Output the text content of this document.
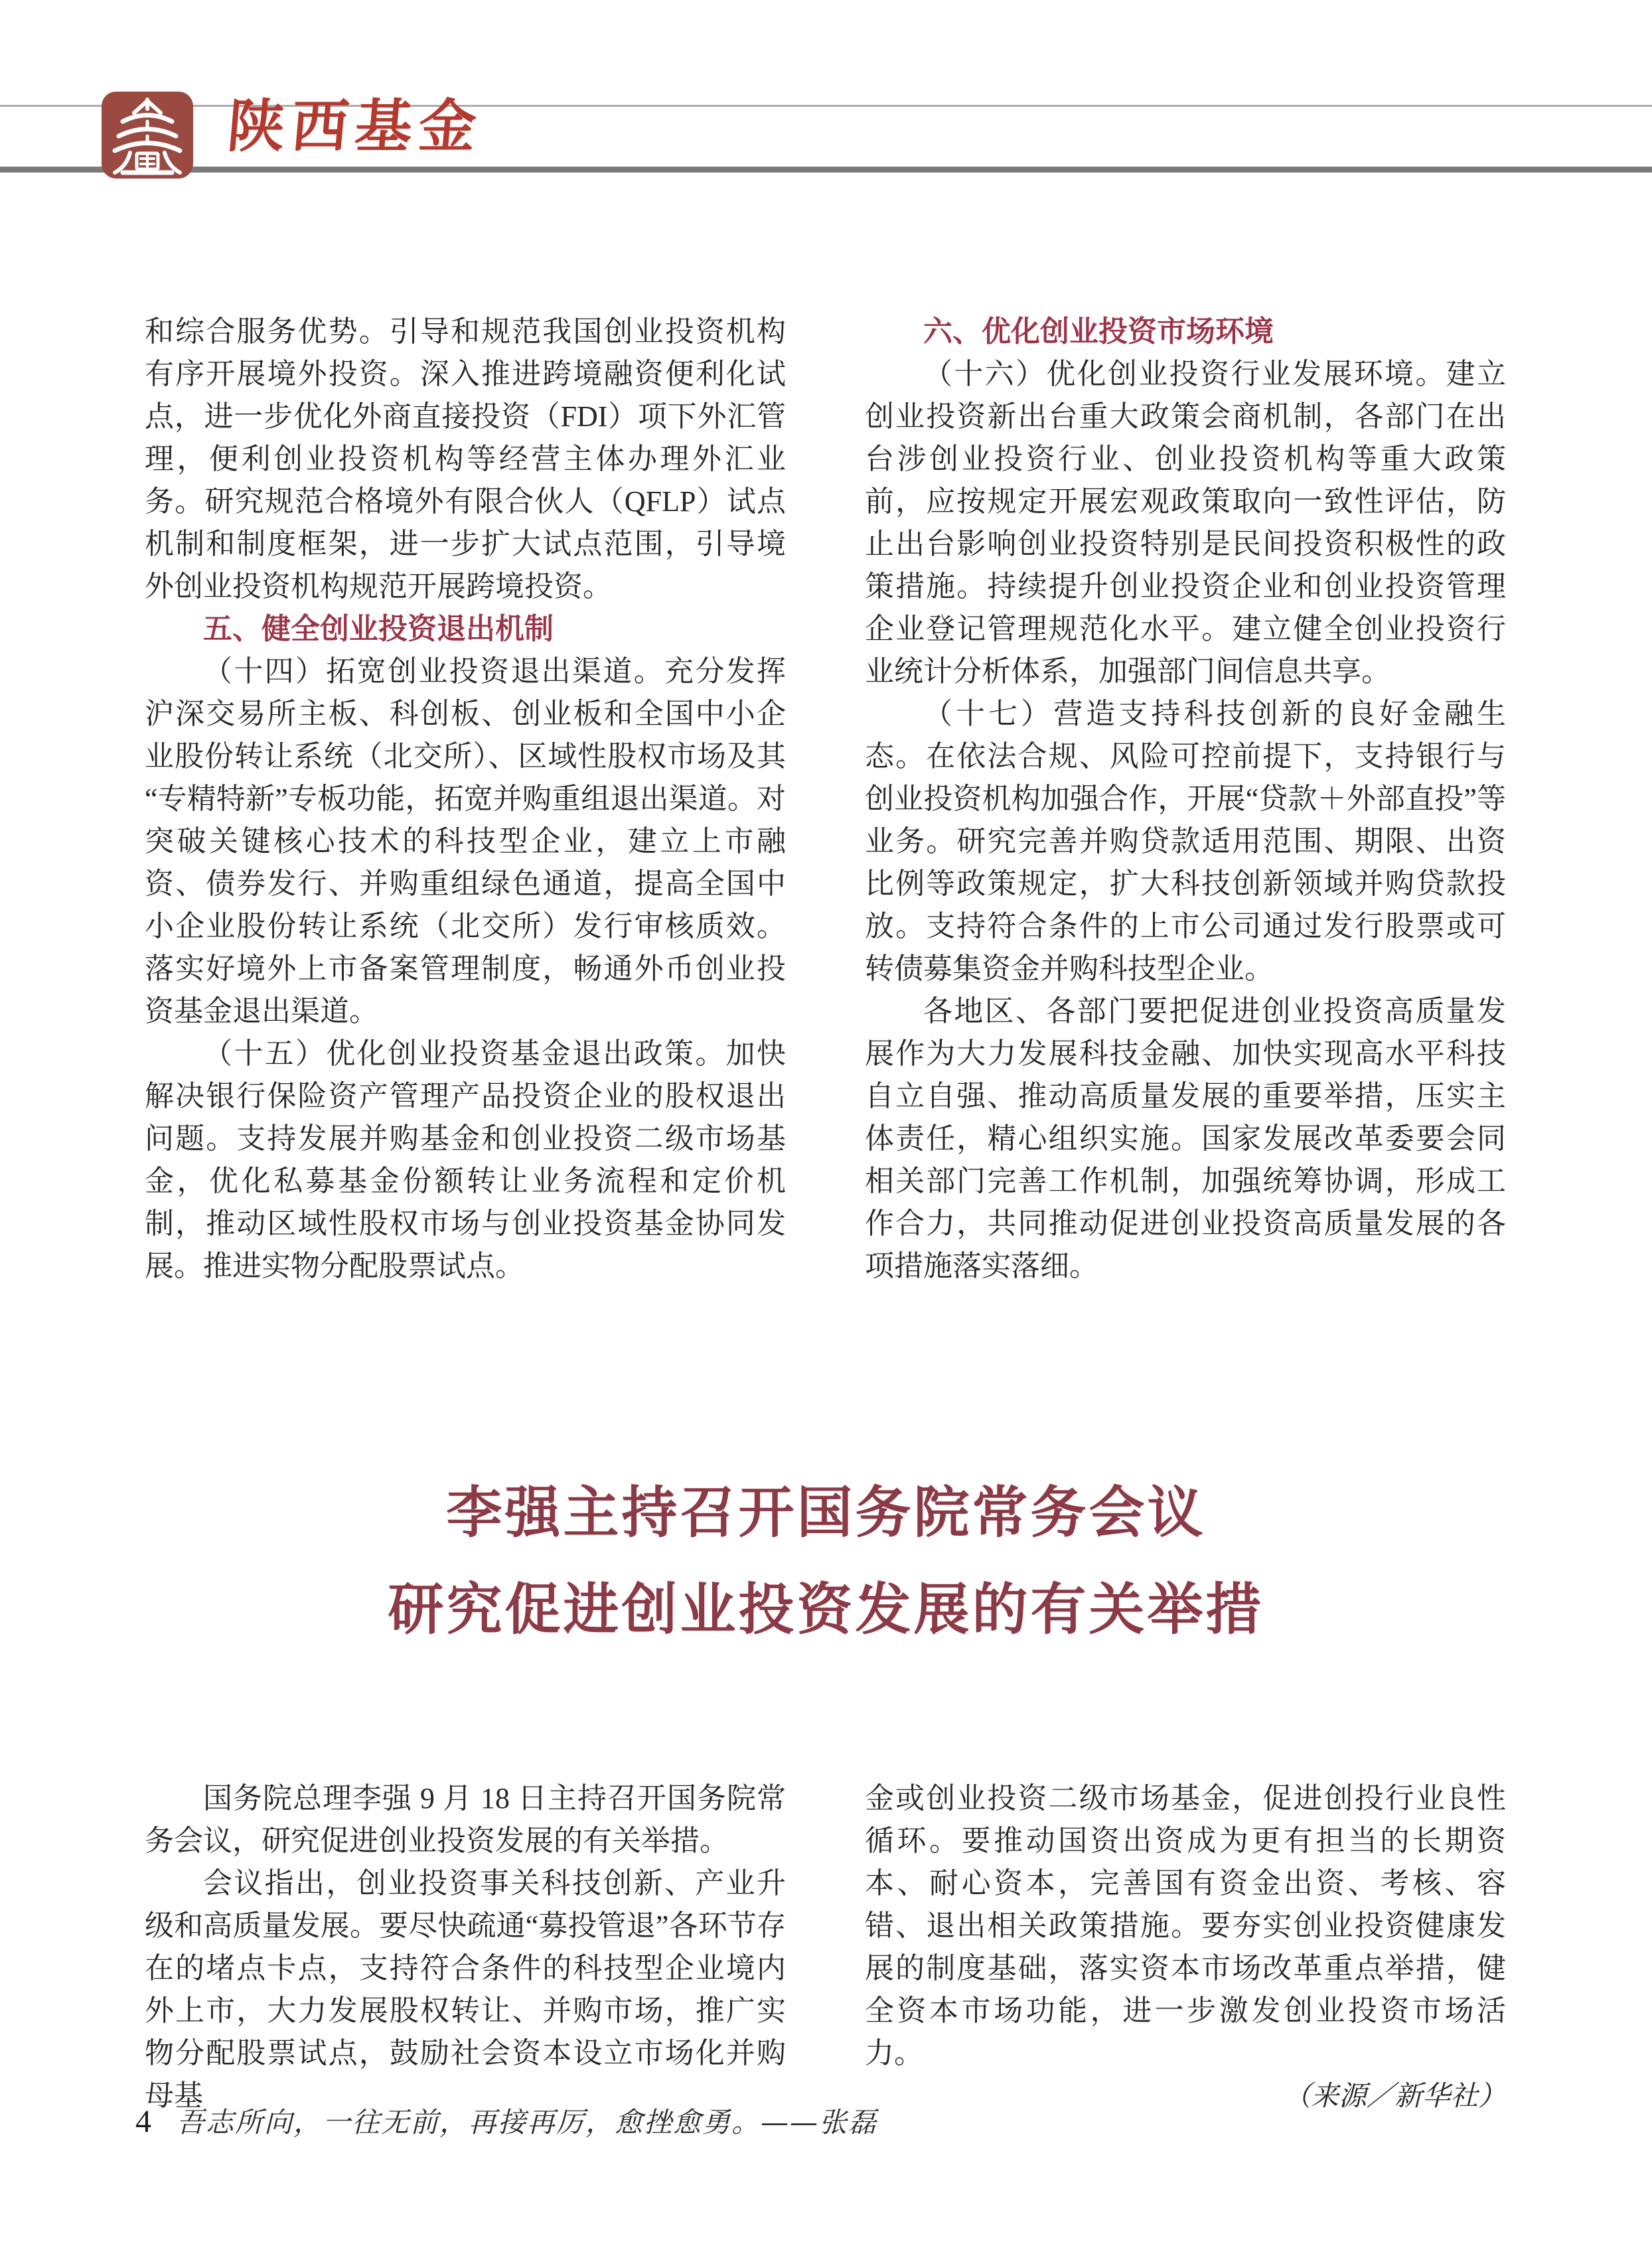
陕西基金

和综合服务优势。引导和规范我国创业投资机构有序开展境外投资。深入推进跨境融资便利化试点，进一步优化外商直接投资（FDI）项下外汇管理，便利创业投资机构等经营主体办理外汇业务。研究规范合格境外有限合伙人（QFLP）试点机制和制度框架，进一步扩大试点范围，引导境外创业投资机构规范开展跨境投资。

五、健全创业投资退出机制

（十四）拓宽创业投资退出渠道。充分发挥沪深交易所主板、科创板、创业板和全国中小企业股份转让系统（北交所）、区域性股权市场及其“专精特新”专板功能，拓宽并购重组退出渠道。对突破关键核心技术的科技型企业，建立上市融资、债券发行、并购重组绿色通道，提高全国中小企业股份转让系统（北交所）发行审核质效。落实好境外上市备案管理制度，畅通外币创业投资基金退出渠道。

（十五）优化创业投资基金退出政策。加快解决银行保险资产管理产品投资企业的股权退出问题。支持发展并购基金和创业投资二级市场基金，优化私募基金份额转让业务流程和定价机制，推动区域性股权市场与创业投资基金协同发展。推进实物分配股票试点。

六、优化创业投资市场环境

（十六）优化创业投资行业发展环境。建立创业投资新出台重大政策会商机制，各部门在出台涉创业投资行业、创业投资机构等重大政策前，应按规定开展宏观政策取向一致性评估，防止出台影响创业投资特别是民间投资积极性的政策措施。持续提升创业投资企业和创业投资管理企业登记管理规范化水平。建立健全创业投资行业统计分析体系，加强部门间信息共享。

（十七）营造支持科技创新的良好金融生态。在依法合规、风险可控前提下，支持银行与创业投资机构加强合作，开展“贷款＋外部直投”等业务。研究完善并购贷款适用范围、期限、出资比例等政策规定，扩大科技创新领域并购贷款投放。支持符合条件的上市公司通过发行股票或可转债募集资金并购科技型企业。

各地区、各部门要把促进创业投资高质量发展作为大力发展科技金融、加快实现高水平科技自立自强、推动高质量发展的重要举措，压实主体责任，精心组织实施。国家发展改革委要会同相关部门完善工作机制，加强统筹协调，形成工作合力，共同推动促进创业投资高质量发展的各项措施落实落细。

李强主持召开国务院常务会议
研究促进创业投资发展的有关举措

国务院总理李强 9 月 18 日主持召开国务院常务会议，研究促进创业投资发展的有关举措。

会议指出，创业投资事关科技创新、产业升级和高质量发展。要尽快疏通“募投管退”各环节存在的堵点卡点，支持符合条件的科技型企业境内外上市，大力发展股权转让、并购市场，推广实物分配股票试点，鼓励社会资本设立市场化并购母基

金或创业投资二级市场基金，促进创投行业良性循环。要推动国资出资成为更有担当的长期资本、耐心资本，完善国有资金出资、考核、容错、退出相关政策措施。要夯实创业投资健康发展的制度基础，落实资本市场改革重点举措，健全资本市场功能，进一步激发创业投资市场活力。

（来源／新华社）

4 吾志所向，一往无前，再接再厉，愈挫愈勇。——张磊
